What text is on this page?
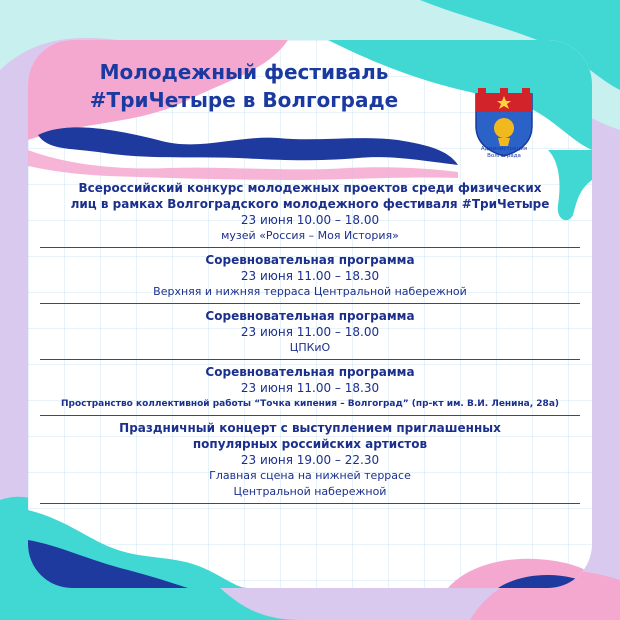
Молодежный фестиваль
#ТриЧетыре в Волгограде
Администрация
Волгограда
Всероссийский конкурс молодежных проектов среди физических
лиц в рамках Волгоградского молодежного фестиваля #ТриЧетыре
23 июня 10.00 – 18.00
музей «Россия – Моя История»
Соревновательная программа
23 июня 11.00 – 18.30
Верхняя и нижняя терраса Центральной набережной
Соревновательная программа
23 июня 11.00 – 18.00
ЦПКиО
Соревновательная программа
23 июня 11.00 – 18.30
Пространство коллективной работы “Точка кипения – Волгоград” (пр-кт им. В.И. Ленина, 28а)
Праздничный концерт с выступлением приглашенных
популярных российских артистов
23 июня 19.00 – 22.30
Главная сцена на нижней террасе
Центральной набережной
